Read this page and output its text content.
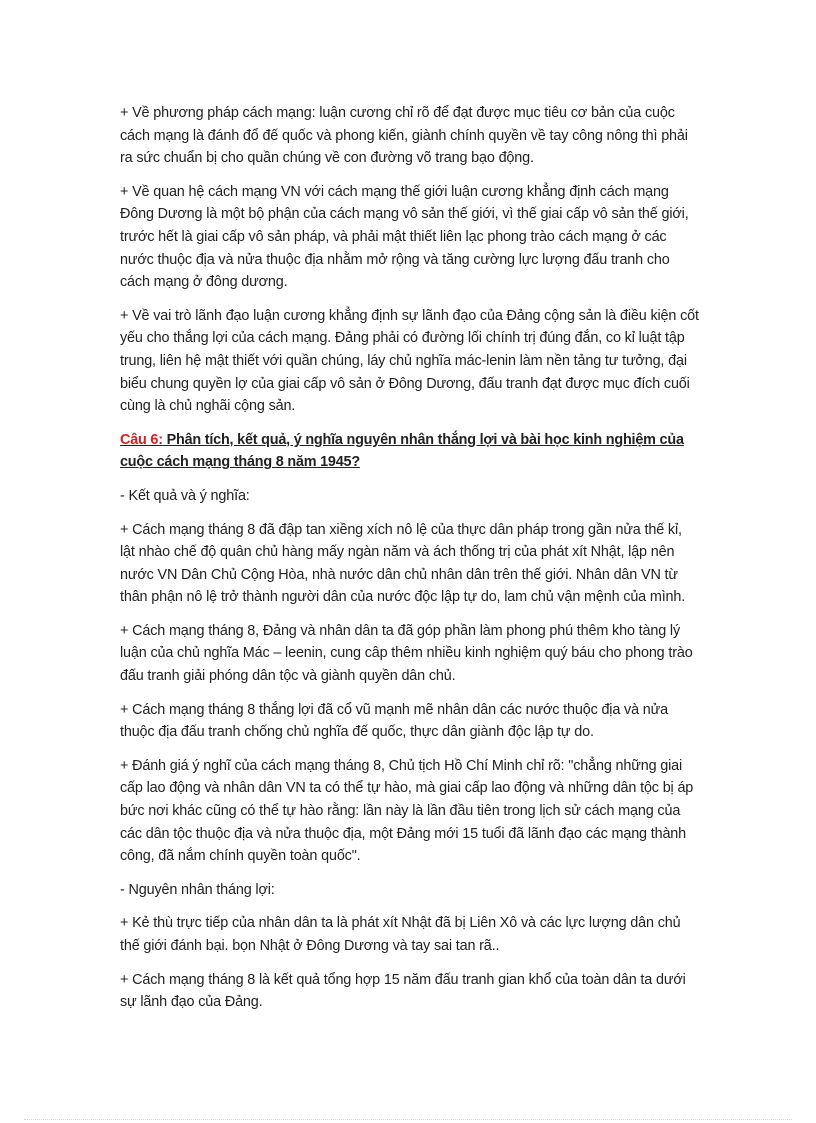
+ Về phương pháp cách mạng: luận cương chỉ rõ để đạt được mục tiêu cơ bản của cuộc cách mạng là đánh đổ đế quốc và phong kiến, giành chính quyền về tay công nông thì phải ra sức chuẩn bị cho quần chúng về con đường võ trang bạo động.

+ Về quan hệ cách mạng VN với cách mạng thế giới luận cương khẳng định cách mạng Đông Dương là một bộ phận của cách mạng vô sản thế giới, vì thế giai cấp vô sản thế giới, trước hết là giai cấp vô sản pháp, và phải mật thiết liên lạc phong trào cách mạng ở các nước thuộc địa và nửa thuộc địa nhằm mở rộng và tăng cường lực lượng đấu tranh cho cách mạng ở đông dương.

+ Về vai trò lãnh đạo luận cương khẳng định sự lãnh đạo của Đảng cộng sản là điều kiện cốt yếu cho thắng lợi của cách mạng. Đảng phải có đường lối chính trị đúng đắn, co kỉ luật tập trung, liên hệ mật thiết với quần chúng, láy chủ nghĩa mác-lenin làm nền tảng tư tưởng, đại biểu chung quyền lợ của giai cấp vô sản ở Đông Dương, đấu tranh đạt được mục đích cuối cùng là chủ nghãi cộng sản.

Câu 6: Phân tích, kết quả, ý nghĩa nguyên nhân thắng lợi và bài học kinh nghiệm của cuộc cách mạng tháng 8 năm 1945?

- Kết quả và ý nghĩa:

+ Cách mạng tháng 8 đã đập tan xiềng xích nô lệ của thực dân pháp trong gần nửa thế kỉ, lật nhào chế độ quân chủ hàng mấy ngàn năm và ách thống trị của phát xít Nhật, lập nên nước VN Dân Chủ Cộng Hòa, nhà nước dân chủ nhân dân trên thế giới. Nhân dân VN từ thân phận nô lệ trở thành người dân của nước độc lập tự do, lam chủ vận mệnh của mình.

+ Cách mạng tháng 8, Đảng và nhân dân ta đã góp phần làm phong phú thêm kho tàng lý luận của chủ nghĩa Mác – leenin, cung câp thêm nhiều kinh nghiệm quý báu cho phong trào đấu tranh giải phóng dân tộc và giành quyền dân chủ.

+ Cách mạng tháng 8 thắng lợi đã cổ vũ mạnh mẽ nhân dân các nước thuộc địa và nửa thuộc địa đấu tranh chống chủ nghĩa đế quốc, thực dân giành độc lập tự do.

+ Đánh giá ý nghĩ của cách mạng tháng 8, Chủ tịch Hồ Chí Minh chỉ rõ: "chẳng những giai cấp lao động và nhân dân VN ta có thể tự hào, mà giai cấp lao động và những dân tộc bị áp bức nơi khác cũng có thể tự hào rằng: lần này là lần đầu tiên trong lịch sử cách mạng của các dân tộc thuộc địa và nửa thuộc địa, một Đảng mới 15 tuổi đã lãnh đạo các mạng thành công, đã nắm chính quyền toàn quốc".

- Nguyên nhân tháng lợi:

+ Kẻ thù trực tiếp của nhân dân ta là phát xít Nhật đã bị Liên Xô và các lực lượng dân chủ thế giới đánh bại. bọn Nhật ở Đông Dương và tay sai tan rã..

+ Cách mạng tháng 8 là kết quả tổng hợp 15 năm đấu tranh gian khổ của toàn dân ta dưới sự lãnh đạo của Đảng.
